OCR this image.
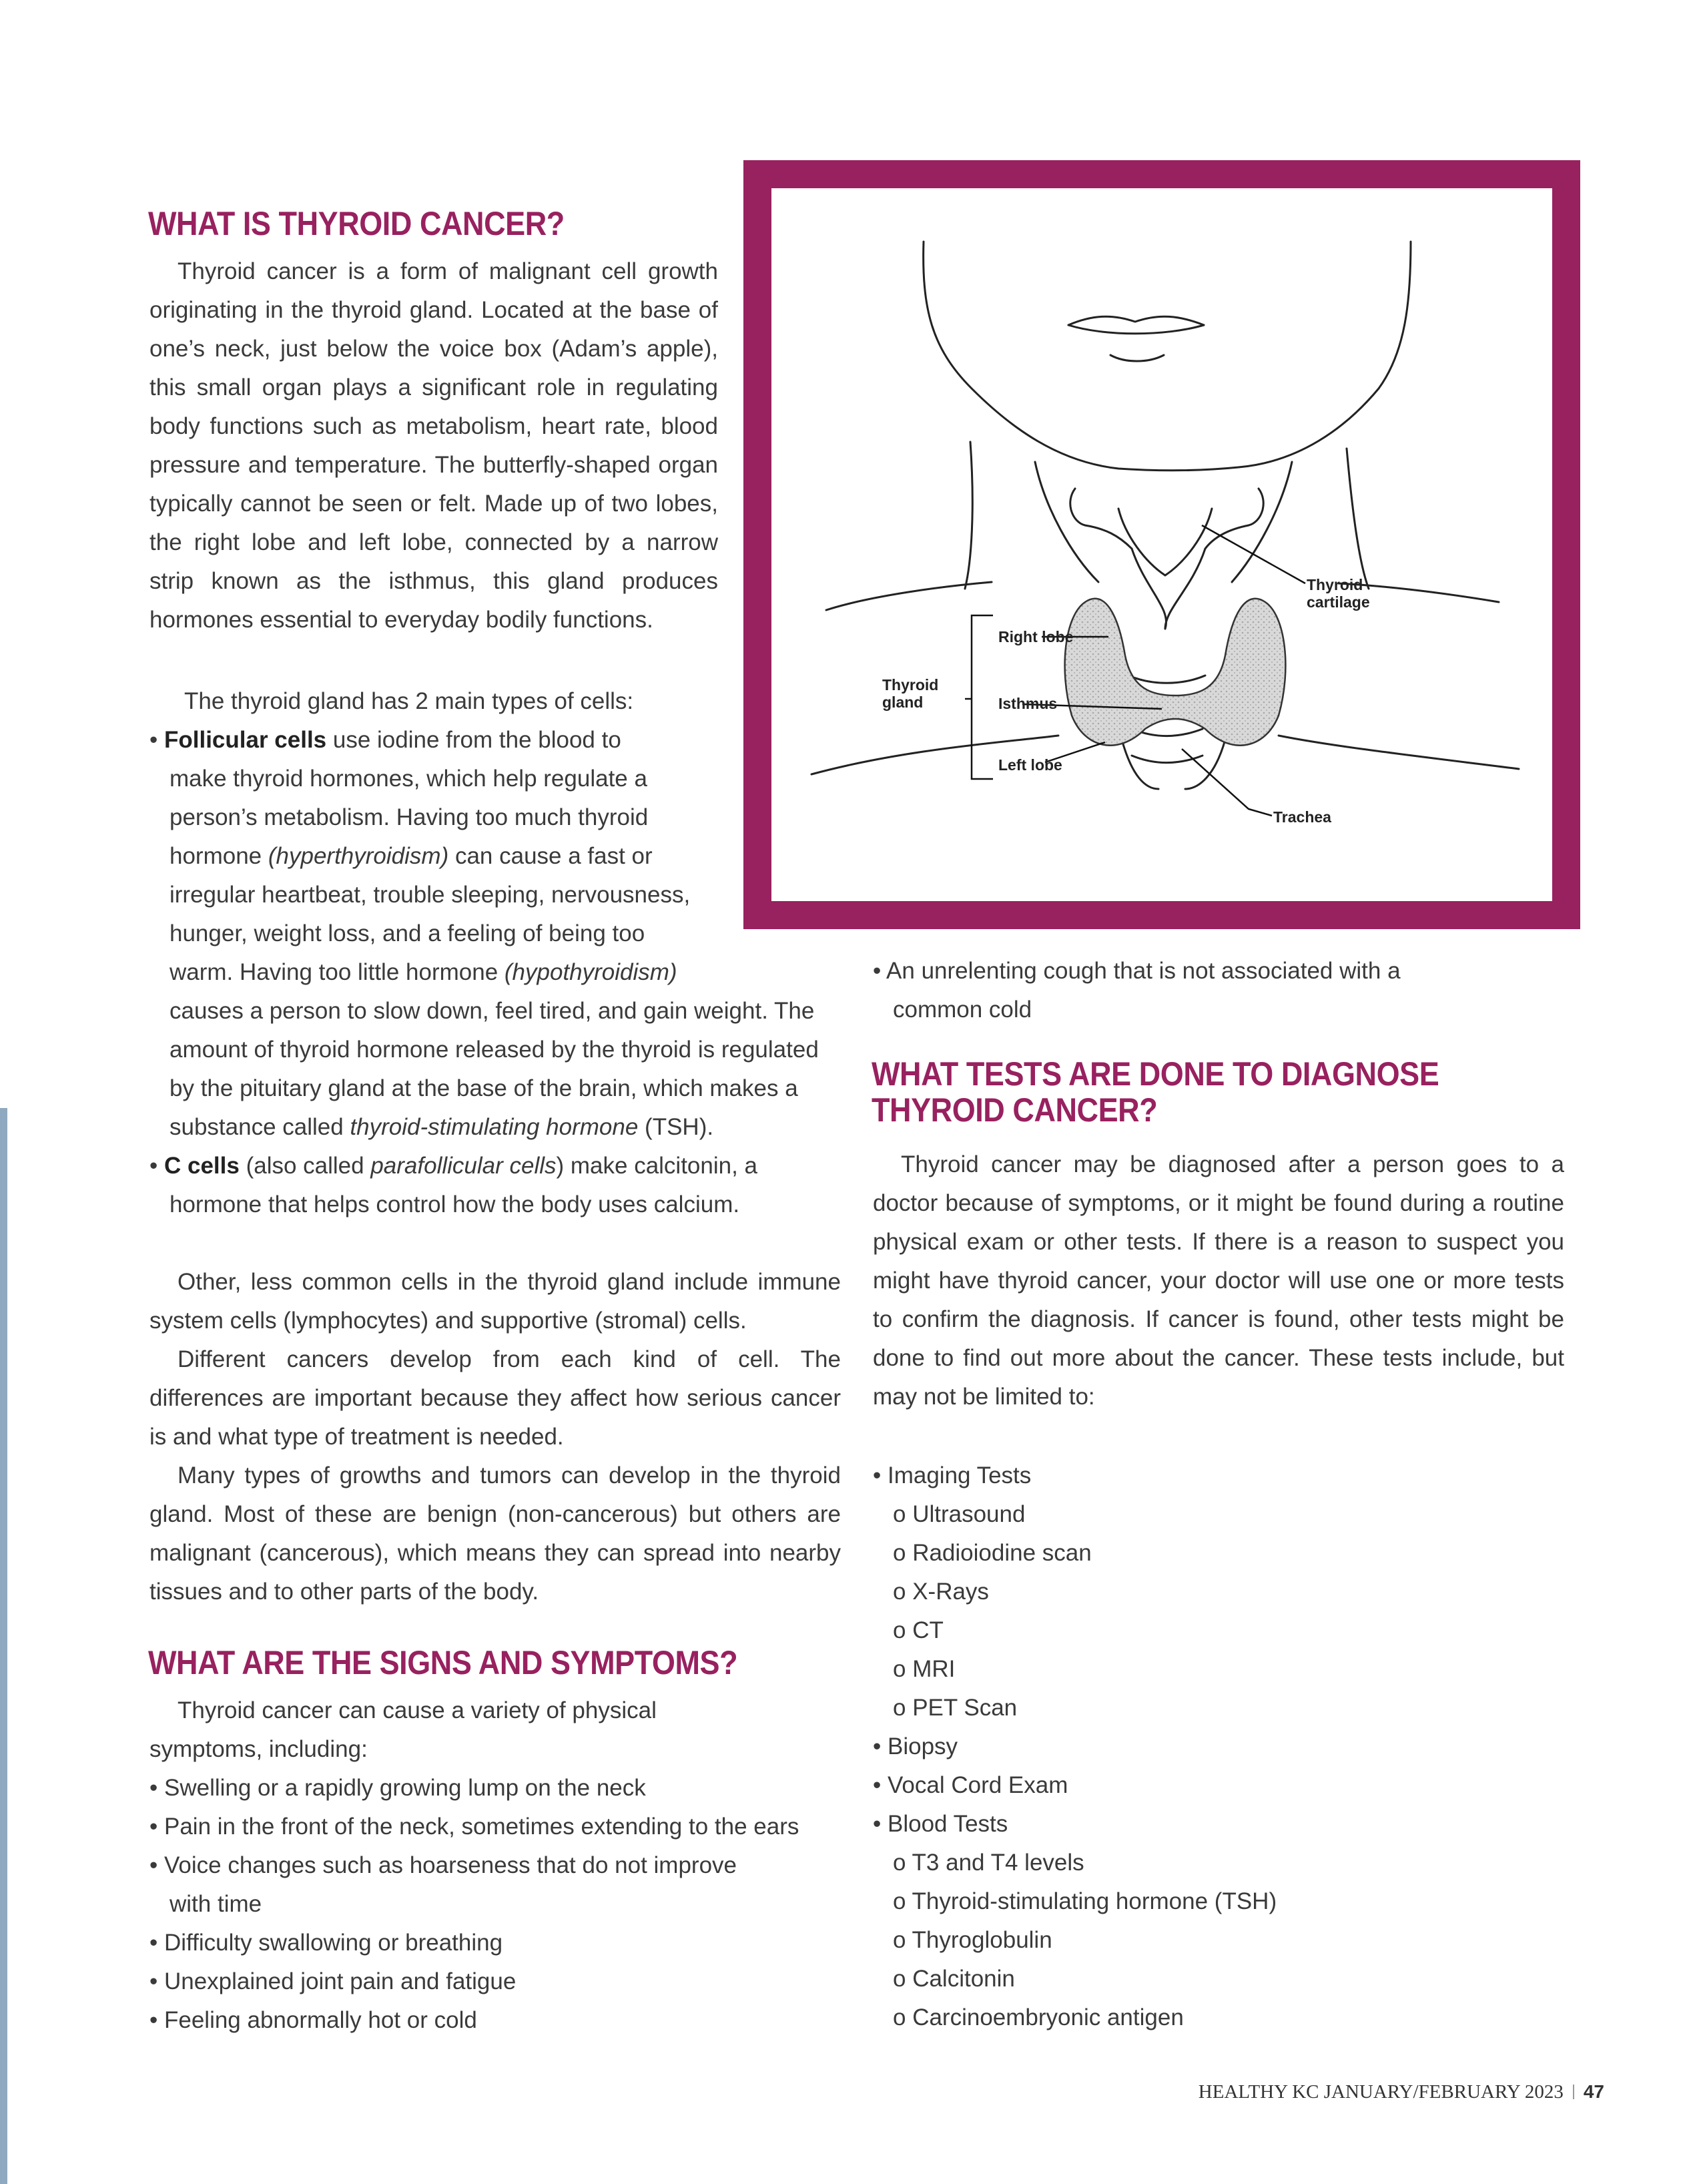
WHAT IS THYROID CANCER?

Thyroid cancer is a form of malignant cell growth originating in the thyroid gland. Located at the base of one’s neck, just below the voice box (Adam’s apple), this small organ plays a significant role in regulating body functions such as metabolism, heart rate, blood pressure and temperature. The butterfly-shaped organ typically cannot be seen or felt. Made up of two lobes, the right lobe and left lobe, connected by a narrow strip known as the isthmus, this gland produces hormones essential to everyday bodily functions.

The thyroid gland has 2 main types of cells:

• Follicular cells use iodine from the blood to
make thyroid hormones, which help regulate a
person’s metabolism. Having too much thyroid
hormone (hyperthyroidism) can cause a fast or
irregular heartbeat, trouble sleeping, nervousness,
hunger, weight loss, and a feeling of being too
warm. Having too little hormone (hypothyroidism)
causes a person to slow down, feel tired, and gain weight. The
amount of thyroid hormone released by the thyroid is regulated
by the pituitary gland at the base of the brain, which makes a
substance called thyroid-stimulating hormone (TSH).
• C cells (also called parafollicular cells) make calcitonin, a
hormone that helps control how the body uses calcium.

Other, less common cells in the thyroid gland include immune system cells (lymphocytes) and supportive (stromal) cells.

Different cancers develop from each kind of cell. The differences are important because they affect how serious cancer is and what type of treatment is needed.

Many types of growths and tumors can develop in the thyroid gland. Most of these are benign (non-cancerous) but others are malignant (cancerous), which means they can spread into nearby tissues and to other parts of the body.

WHAT ARE THE SIGNS AND SYMPTOMS?
Thyroid cancer can cause a variety of physical
symptoms, including:
• Swelling or a rapidly growing lump on the neck
• Pain in the front of the neck, sometimes extending to the ears
• Voice changes such as hoarseness that do not improve
with time
• Difficulty swallowing or breathing
• Unexplained joint pain and fatigue
• Feeling abnormally hot or cold
Thyroid
gland
Right lobe
Isthmus
Left lobe
Thyroid
cartilage
Trachea
• An unrelenting cough that is not associated with a
common cold
WHAT TESTS ARE DONE TO DIAGNOSE
THYROID CANCER?

Thyroid cancer may be diagnosed after a person goes to a doctor because of symptoms, or it might be found during a routine physical exam or other tests. If there is a reason to suspect you might have thyroid cancer, your doctor will use one or more tests to confirm the diagnosis. If cancer is found, other tests might be done to find out more about the cancer. These tests include, but may not be limited to:

• Imaging Tests
o Ultrasound
o Radioiodine scan
o X-Rays
o CT
o MRI
o PET Scan
• Biopsy
• Vocal Cord Exam
• Blood Tests
o T3 and T4 levels
o Thyroid-stimulating hormone (TSH)
o Thyroglobulin
o Calcitonin
o Carcinoembryonic antigen
HEALTHY KC JANUARY/FEBRUARY 2023 47
